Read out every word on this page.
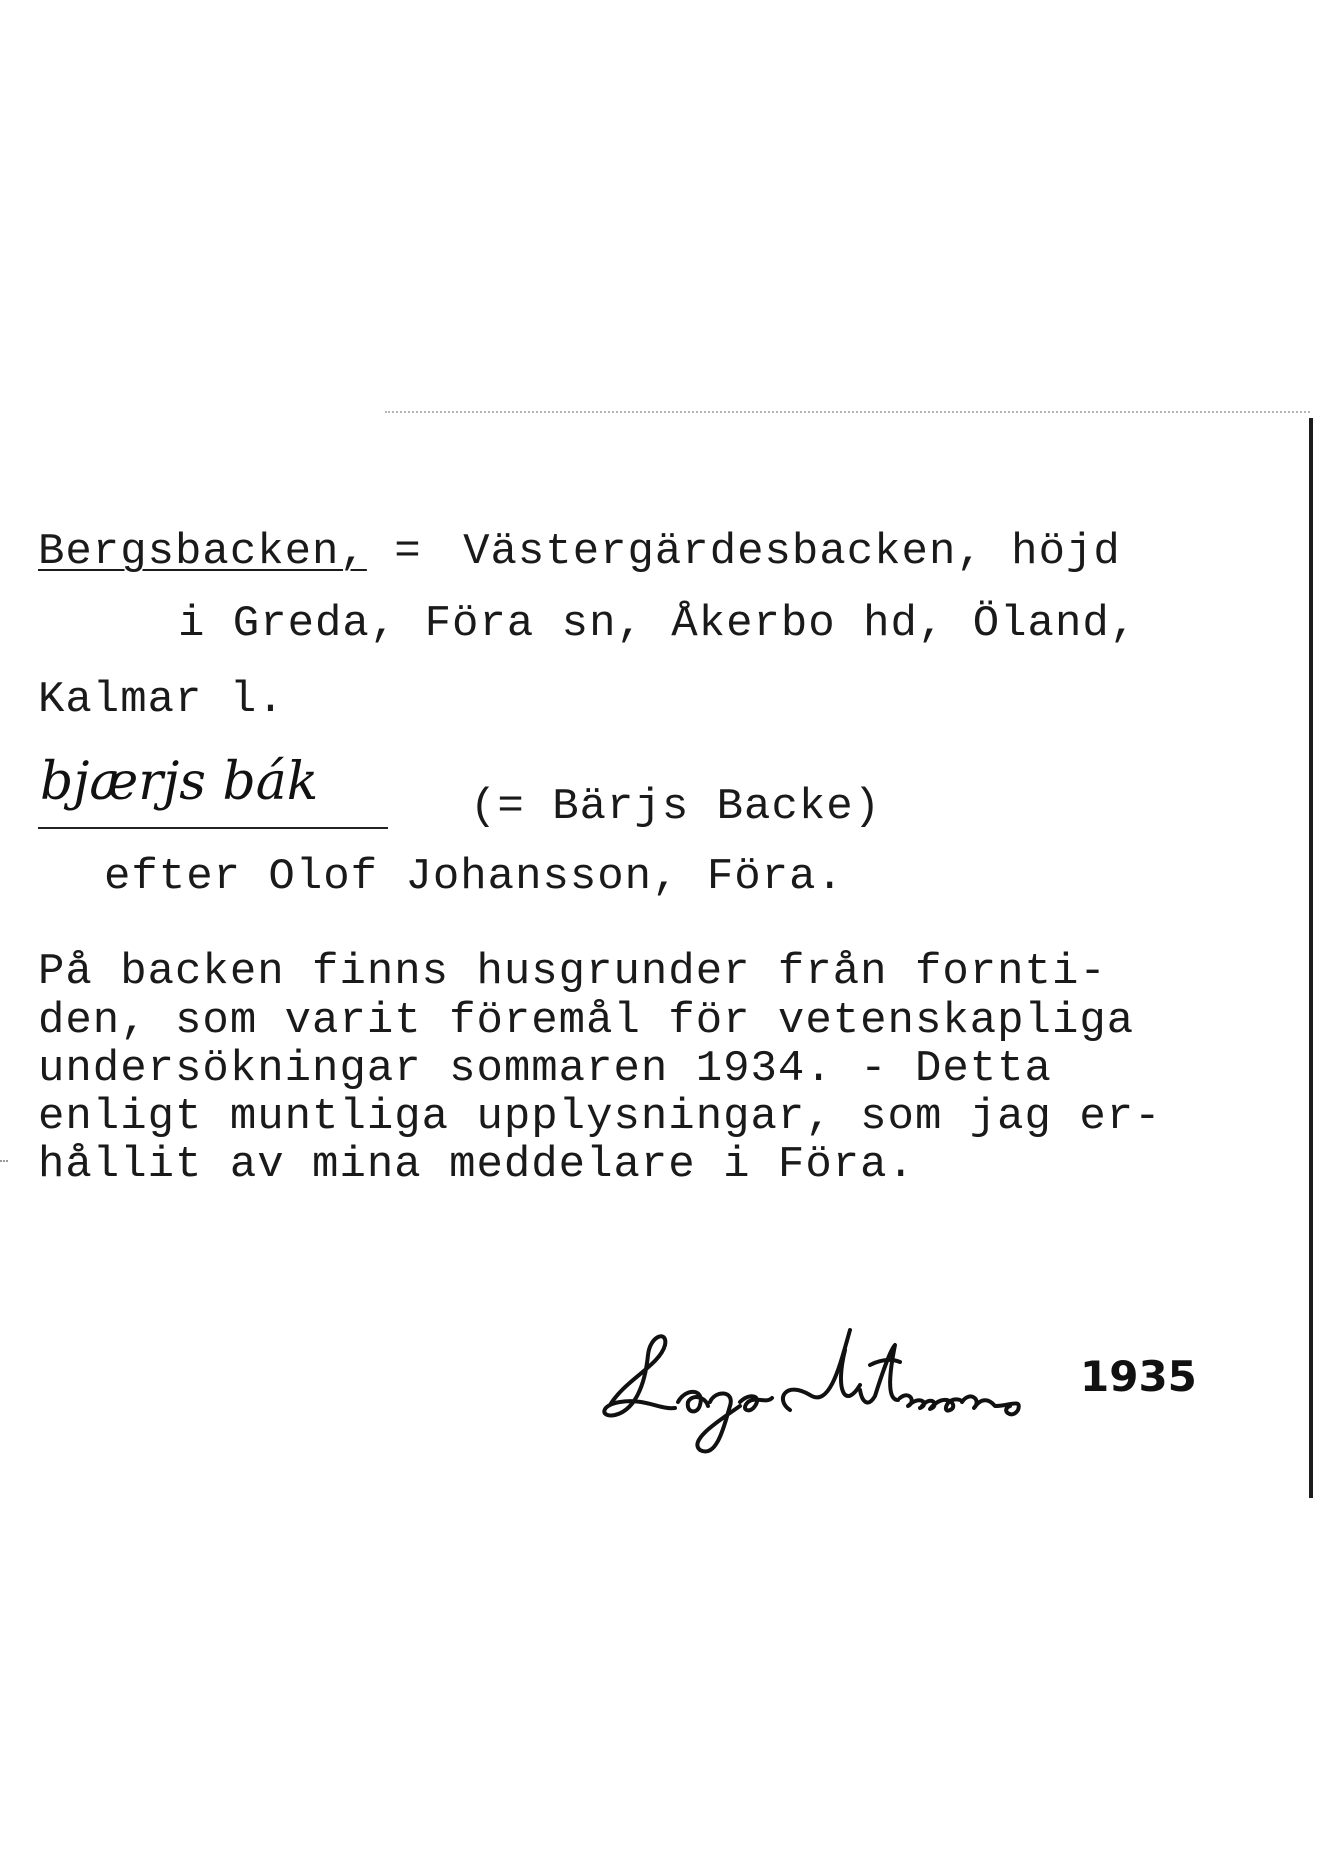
Bergsbacken, = Västergärdesbacken, höjd
i Greda, Föra sn, Åkerbo hd, Öland,
Kalmar l.
bjærjs bák	(= Bärjs Backe)
efter Olof Johansson, Föra.
På backen finns husgrunder från fornti-
den, som varit föremål för vetenskapliga
undersökningar sommaren 1934. - Detta
enligt muntliga upplysningar, som jag er-
hållit av mina meddelare i Föra.
1935
